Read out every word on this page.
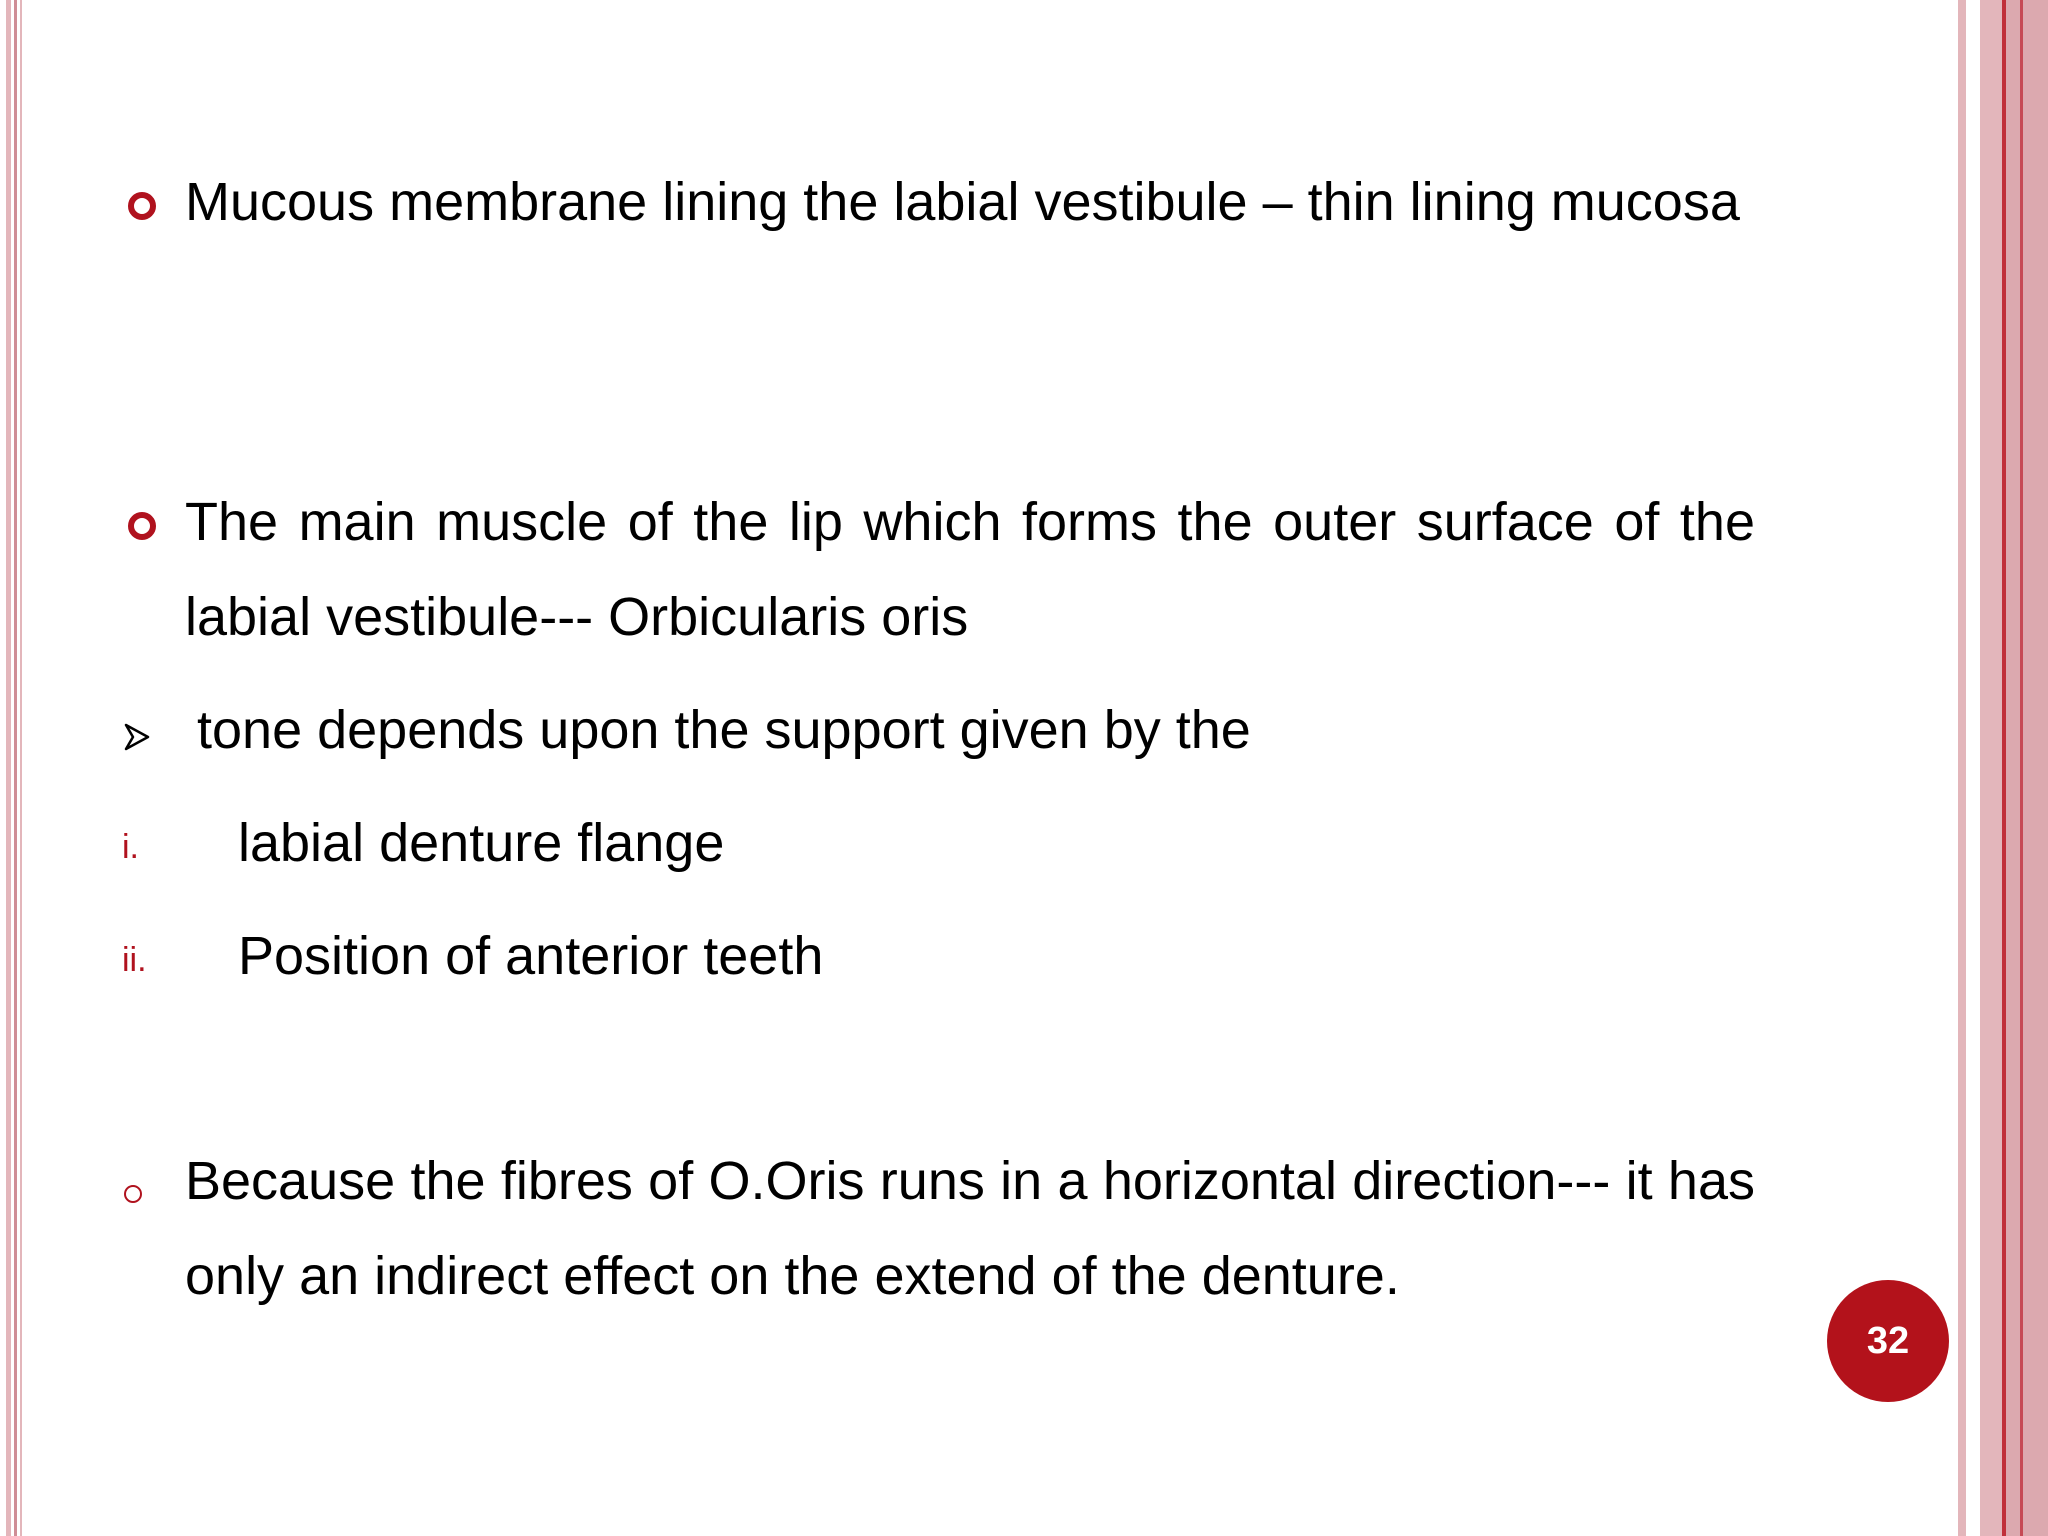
Mucous membrane lining the labial vestibule – thin lining mucosa
The main muscle of the lip which forms the outer surface of the labial vestibule--- Orbicularis oris
tone depends upon the support given by the
i. labial denture flange
ii. Position of anterior teeth
Because the fibres of O.Oris runs in a horizontal direction--- it has only an indirect effect on the extend of the denture.
32
